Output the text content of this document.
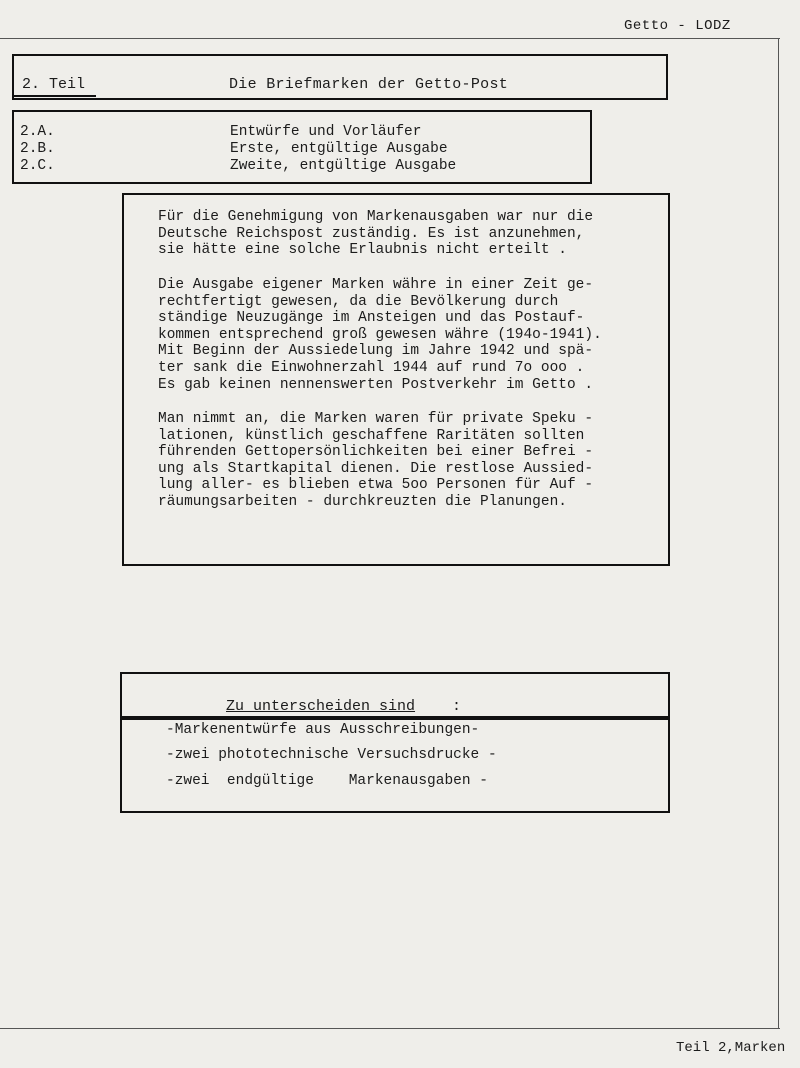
Getto - LODZ
2. Teil	Die Briefmarken der Getto-Post
2.A.	Entwürfe und Vorläufer
2.B.	Erste, entgültige Ausgabe
2.C.	Zweite, entgültige Ausgabe
Für die Genehmigung von Markenausgaben war nur die
Deutsche Reichspost zuständig. Es ist anzunehmen,
sie hätte eine solche Erlaubnis nicht erteilt .
Die Ausgabe eigener Marken währe in einer Zeit ge-
rechtfertigt gewesen, da die Bevölkerung durch
ständige Neuzugänge im Ansteigen und das Postauf-
kommen entsprechend groß gewesen währe (194o-1941).
Mit Beginn der Aussiedelung im Jahre 1942 und spä-
ter sank die Einwohnerzahl 1944 auf rund 7o ooo .
Es gab keinen nennenswerten Postverkehr im Getto .
Man nimmt an, die Marken waren für private Speku -
lationen, künstlich geschaffene Raritäten sollten
führenden Gettopersönlichkeiten bei einer Befrei -
ung als Startkapital dienen. Die restlose Aussied-
lung aller- es blieben etwa 5oo Personen für Auf -
räumungsarbeiten - durchkreuzten die Planungen.
Zu unterscheiden sind :
-Markenentwürfe aus Ausschreibungen-
-zwei phototechnische Versuchsdrucke -
-zwei  endgültige    Markenausgaben -
Teil 2,Marken
